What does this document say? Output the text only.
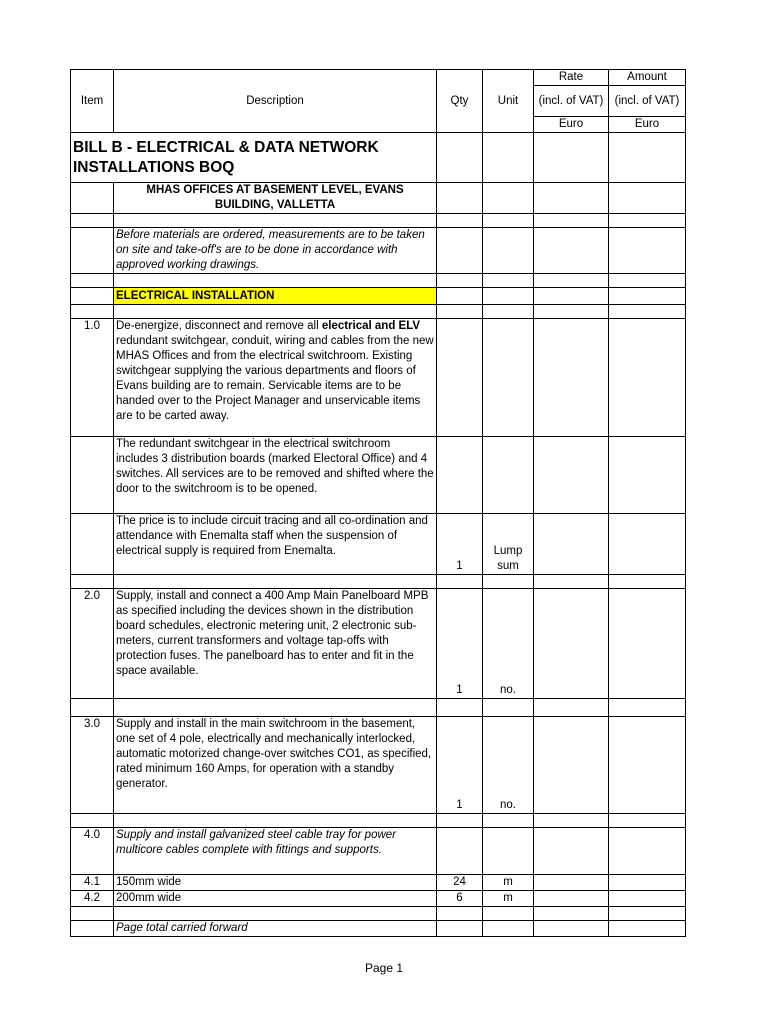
Item	Description	Qty	Unit	Rate	Amount
				(incl. of VAT)	(incl. of VAT)
				Euro	Euro
BILL B - ELECTRICAL & DATA NETWORK INSTALLATIONS BOQ					
	MHAS OFFICES AT BASEMENT LEVEL, EVANS BUILDING, VALLETTA				

	Before materials are ordered, measurements are to be taken on site and take-off's are to be done in accordance with approved working drawings.				

	ELECTRICAL INSTALLATION				

1.0	De-energize, disconnect and remove all electrical and ELV redundant switchgear, conduit, wiring and cables from the new MHAS Offices and from the electrical switchroom. Existing switchgear supplying the various departments and floors of Evans building are to remain. Servicable items are to be handed over to the Project Manager and unservicable items are to be carted away.				
	The redundant switchgear in the electrical switchroom includes 3 distribution boards (marked Electoral Office) and 4 switches. All services are to be removed and shifted where the door to the switchroom is to be opened.				
	The price is to include circuit tracing and all co-ordination and attendance with Enemalta staff when the suspension of electrical supply is required from Enemalta.	1	Lump sum		

2.0	Supply, install and connect a 400 Amp Main Panelboard MPB as specified including the devices shown in the distribution board schedules, electronic metering unit, 2 electronic sub-meters, current transformers and voltage tap-offs with protection fuses. The panelboard has to enter and fit in the space available.	1	no.		

3.0	Supply and install in the main switchroom in the basement, one set of 4 pole, electrically and mechanically interlocked, automatic motorized change-over switches CO1, as specified, rated minimum 160 Amps, for operation with a standby generator.	1	no.		

4.0	Supply and install galvanized steel cable tray for power multicore cables complete with fittings and supports.				
4.1	150mm wide	24	m		
4.2	200mm wide	6	m		

	Page total carried forward				
Page 1
